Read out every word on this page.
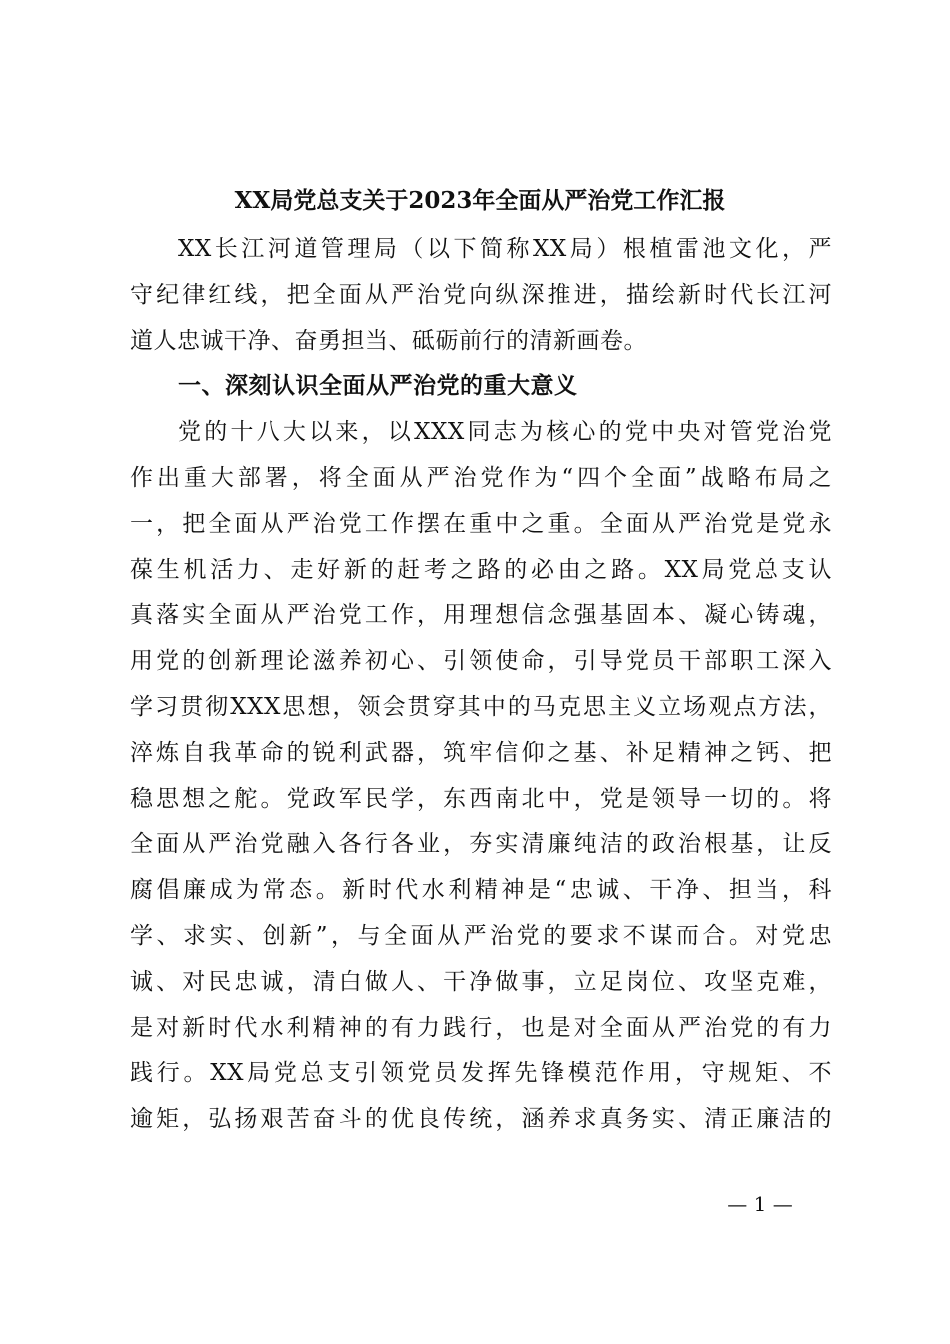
XX局党总支关于2023年全面从严治党工作汇报
XX长江河道管理局（以下简称XX局）根植雷池文化，严
守纪律红线，把全面从严治党向纵深推进，描绘新时代长江河
道人忠诚干净、奋勇担当、砥砺前行的清新画卷。
一、深刻认识全面从严治党的重大意义
党的十八大以来，以XXX同志为核心的党中央对管党治党
作出重大部署，将全面从严治党作为“四个全面”战略布局之
一，把全面从严治党工作摆在重中之重。全面从严治党是党永
葆生机活力、走好新的赶考之路的必由之路。XX局党总支认
真落实全面从严治党工作，用理想信念强基固本、凝心铸魂，
用党的创新理论滋养初心、引领使命，引导党员干部职工深入
学习贯彻XXX思想，领会贯穿其中的马克思主义立场观点方法，
淬炼自我革命的锐利武器，筑牢信仰之基、补足精神之钙、把
稳思想之舵。党政军民学，东西南北中，党是领导一切的。将
全面从严治党融入各行各业，夯实清廉纯洁的政治根基，让反
腐倡廉成为常态。新时代水利精神是“忠诚、干净、担当，科
学、求实、创新”，与全面从严治党的要求不谋而合。对党忠
诚、对民忠诚，清白做人、干净做事，立足岗位、攻坚克难，
是对新时代水利精神的有力践行，也是对全面从严治党的有力
践行。XX局党总支引领党员发挥先锋模范作用，守规矩、不
逾矩，弘扬艰苦奋斗的优良传统，涵养求真务实、清正廉洁的
— 1 —
